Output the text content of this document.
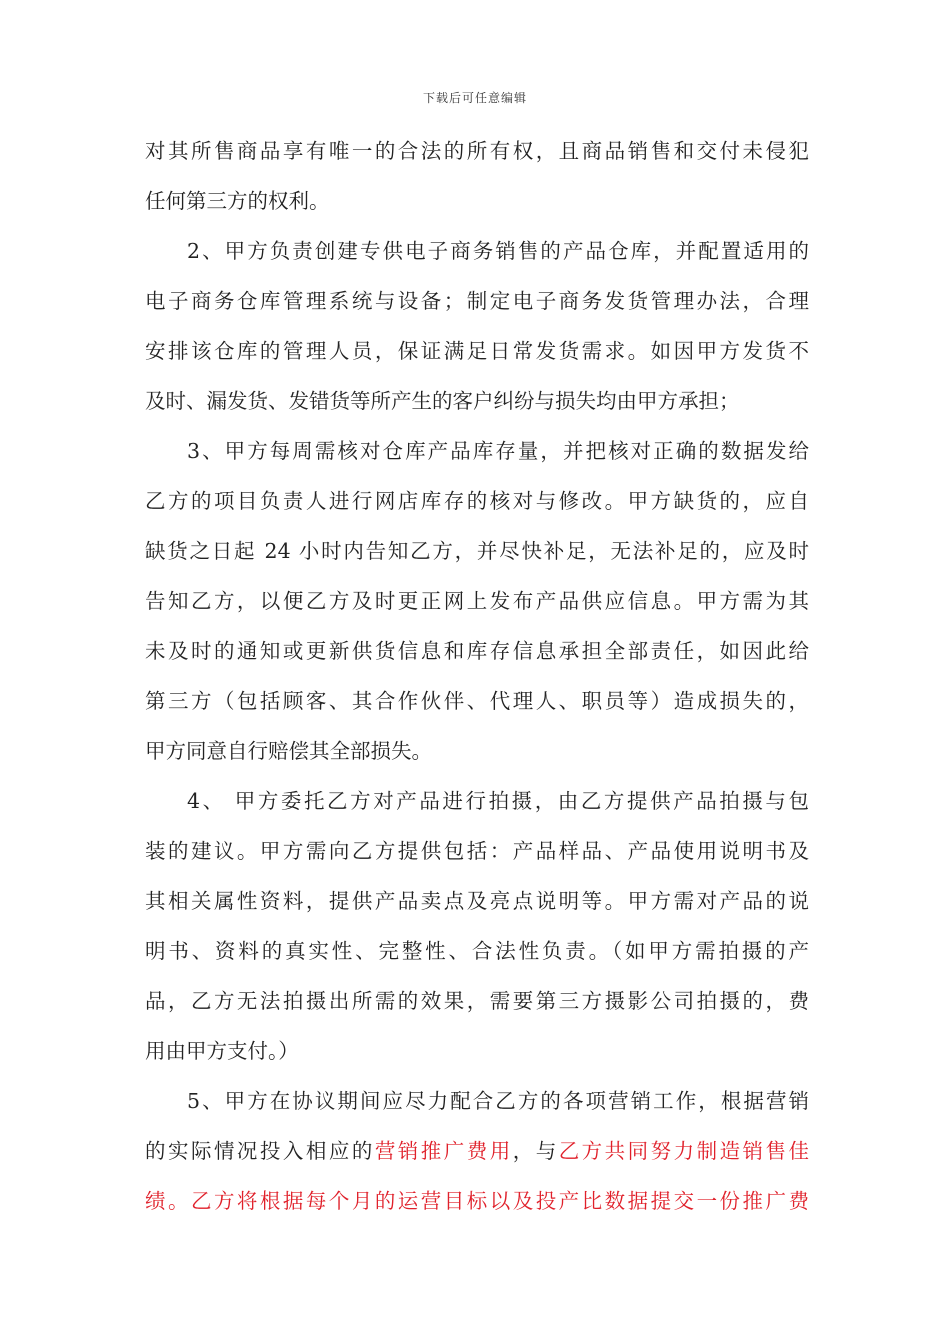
下载后可任意编辑
对其所售商品享有唯一的合法的所有权，且商品销售和交付未侵犯
任何第三方的权利。
2、甲方负责创建专供电子商务销售的产品仓库，并配置适用的
电子商务仓库管理系统与设备；制定电子商务发货管理办法，合理
安排该仓库的管理人员，保证满足日常发货需求。如因甲方发货不
及时、漏发货、发错货等所产生的客户纠纷与损失均由甲方承担；
3、甲方每周需核对仓库产品库存量，并把核对正确的数据发给
乙方的项目负责人进行网店库存的核对与修改。甲方缺货的，应自
缺货之日起 24 小时内告知乙方，并尽快补足，无法补足的，应及时
告知乙方，以便乙方及时更正网上发布产品供应信息。甲方需为其
未及时的通知或更新供货信息和库存信息承担全部责任，如因此给
第三方（包括顾客、其合作伙伴、代理人、职员等）造成损失的，
甲方同意自行赔偿其全部损失。
4、 甲方委托乙方对产品进行拍摄，由乙方提供产品拍摄与包
装的建议。甲方需向乙方提供包括：产品样品、产品使用说明书及
其相关属性资料，提供产品卖点及亮点说明等。甲方需对产品的说
明书、资料的真实性、完整性、合法性负责。（如甲方需拍摄的产
品，乙方无法拍摄出所需的效果，需要第三方摄影公司拍摄的，费
用由甲方支付。）
5、甲方在协议期间应尽力配合乙方的各项营销工作，根据营销
的实际情况投入相应的营销推广费用，与乙方共同努力制造销售佳
绩。乙方将根据每个月的运营目标以及投产比数据提交一份推广费
